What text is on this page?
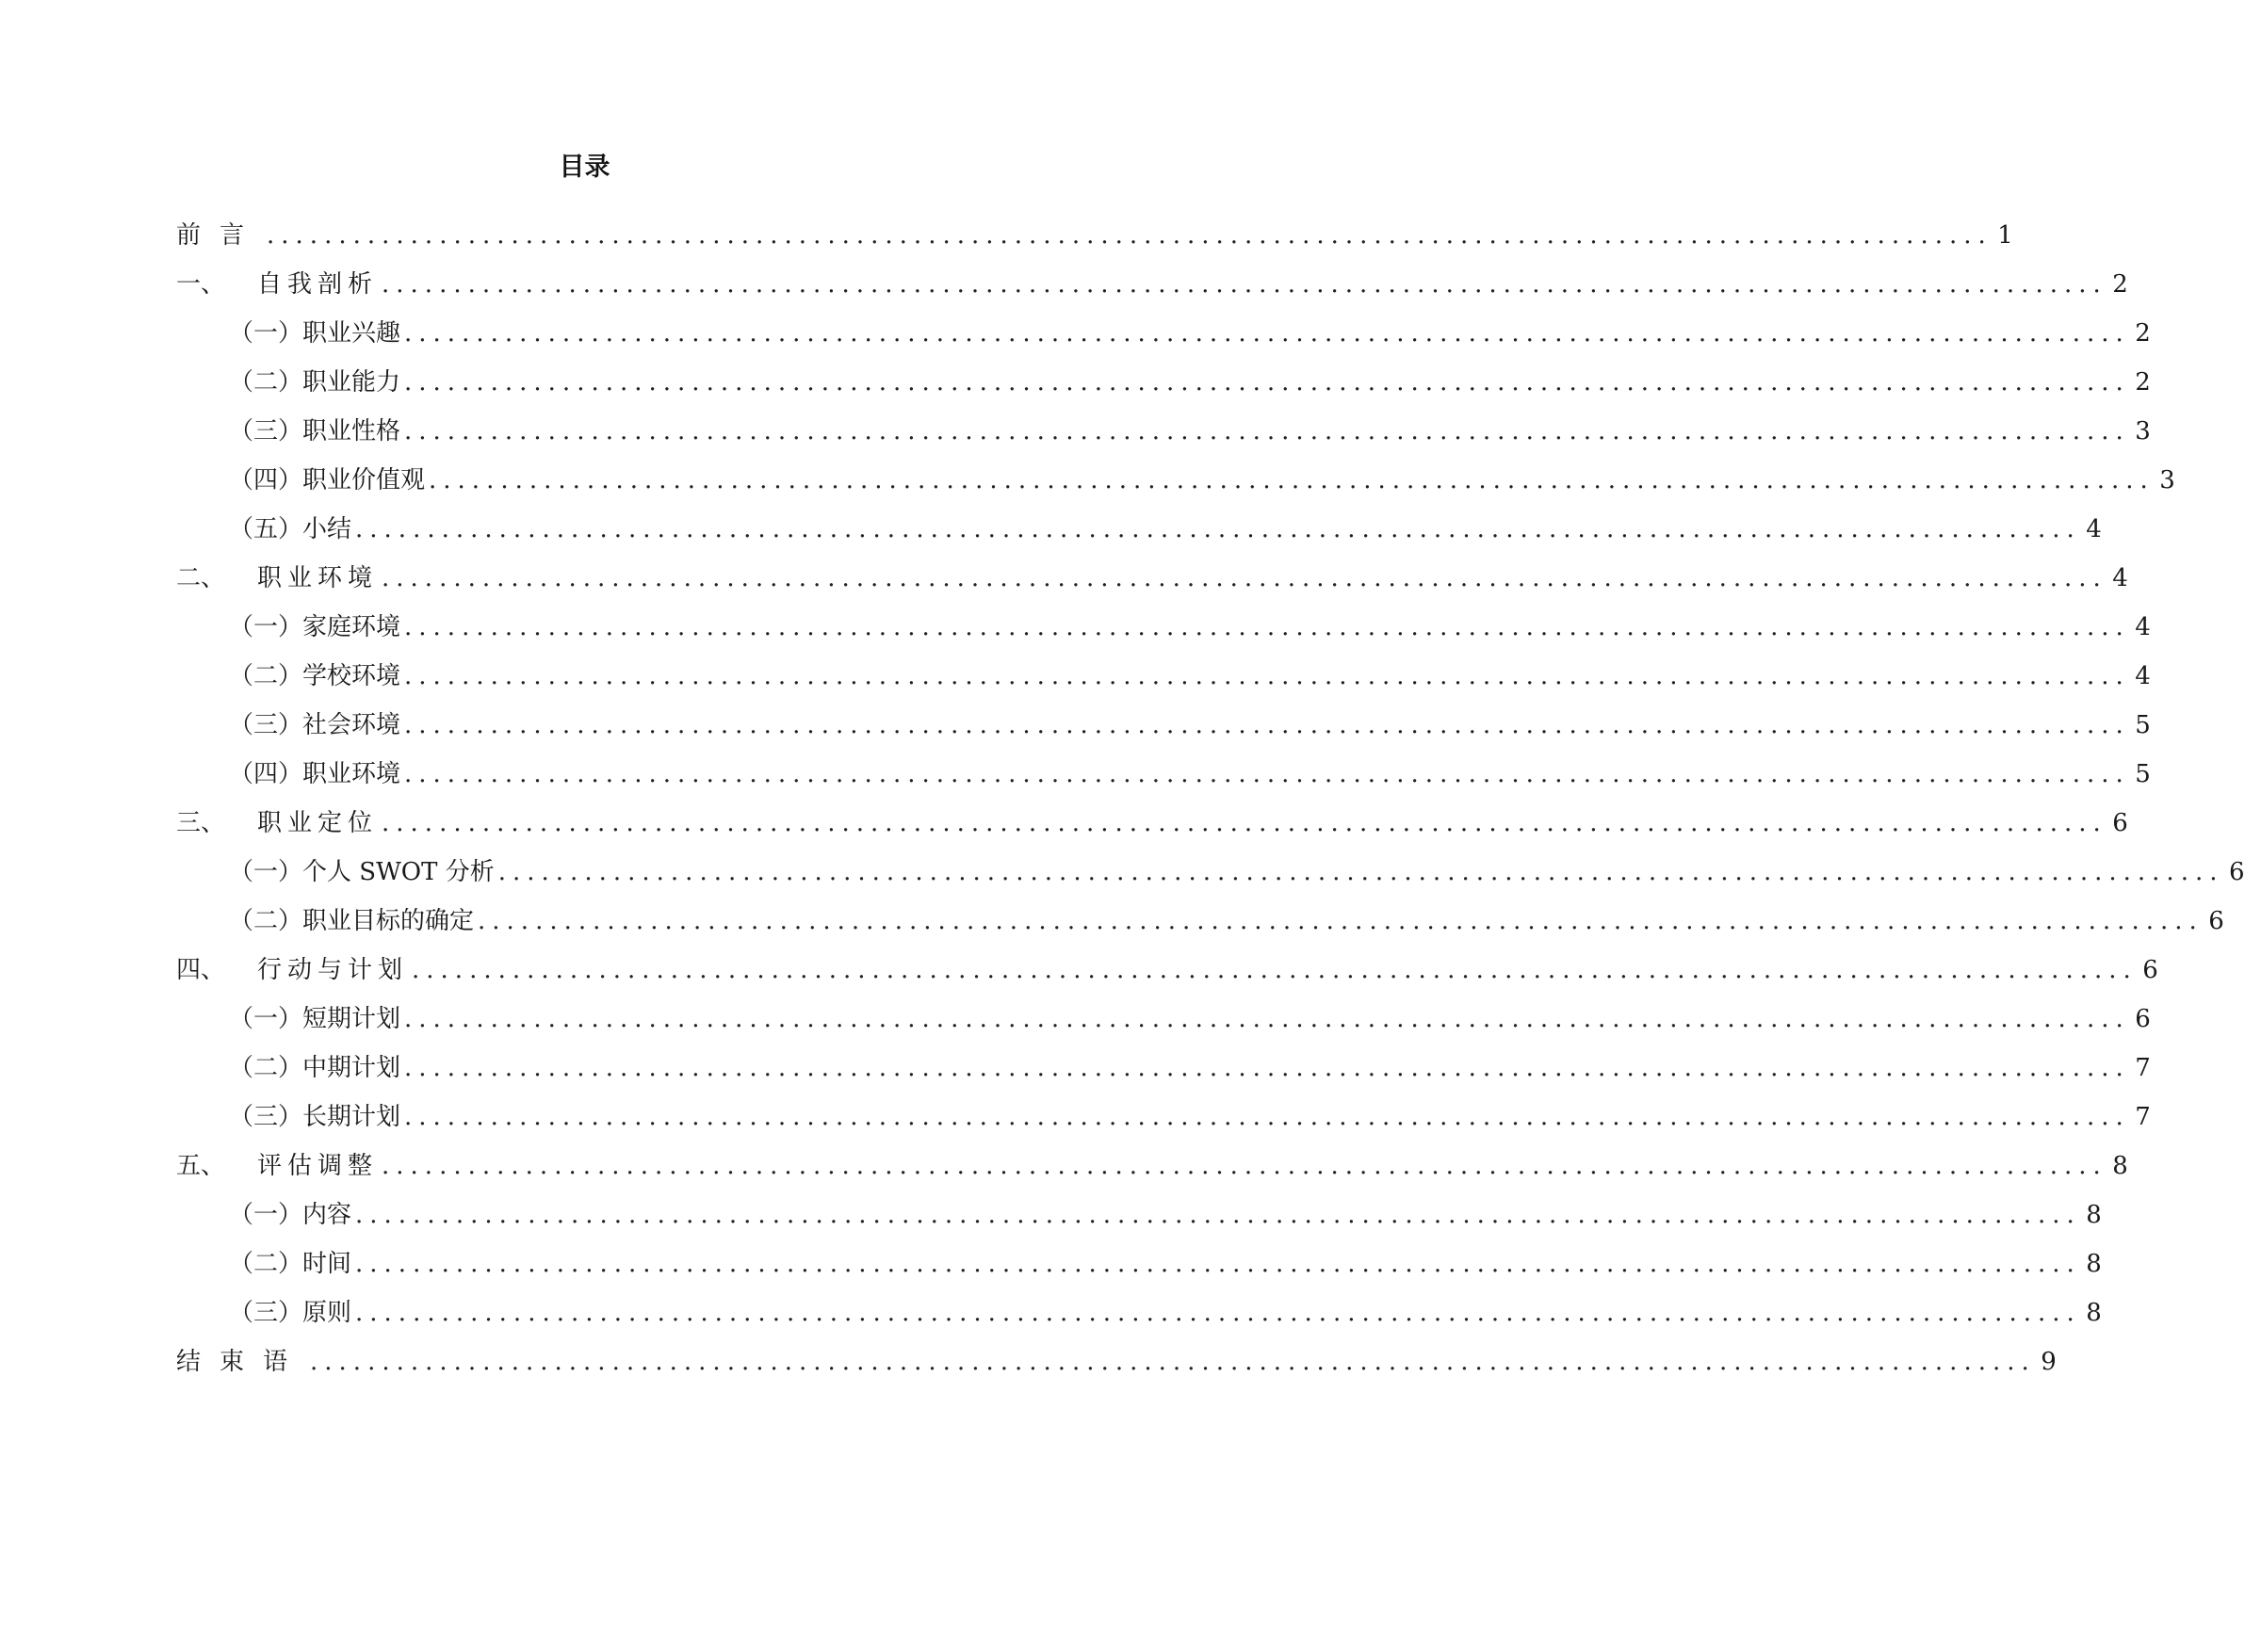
目录
前言 ........................................................................................................................ 1
一、	自我剖析 ........................................................................................................................ 2
（一）职业兴趣 ........................................................................................................................ 2
（二）职业能力 ........................................................................................................................ 2
（三）职业性格 ........................................................................................................................ 3
（四）职业价值观 ........................................................................................................................ 3
（五）小结 ........................................................................................................................ 4
二、	职业环境 ........................................................................................................................ 4
（一）家庭环境 ........................................................................................................................ 4
（二）学校环境 ........................................................................................................................ 4
（三）社会环境 ........................................................................................................................ 5
（四）职业环境 ........................................................................................................................ 5
三、	职业定位 ........................................................................................................................ 6
（一）个人 SWOT 分析 ........................................................................................................................ 6
（二）职业目标的确定 ........................................................................................................................ 6
四、	行动与计划 ........................................................................................................................ 6
（一）短期计划 ........................................................................................................................ 6
（二）中期计划 ........................................................................................................................ 7
（三）长期计划 ........................................................................................................................ 7
五、	评估调整 ........................................................................................................................ 8
（一）内容 ........................................................................................................................ 8
（二）时间 ........................................................................................................................ 8
（三）原则 ........................................................................................................................ 8
结束语 ........................................................................................................................ 9
